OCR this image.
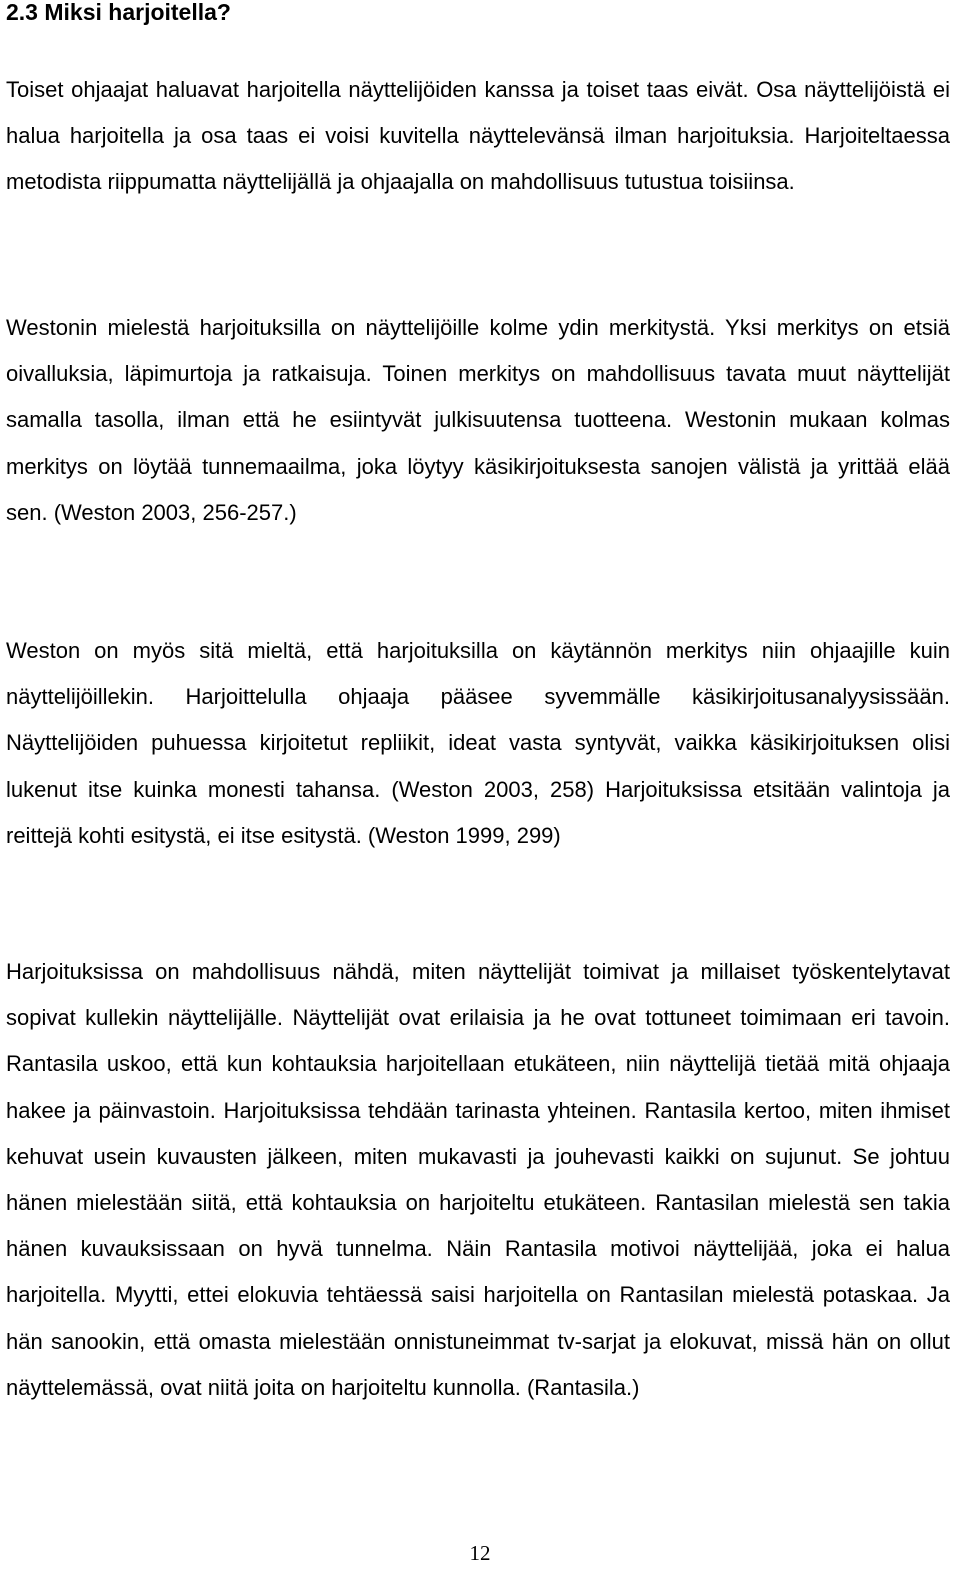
2.3 Miksi harjoitella?

Toiset ohjaajat haluavat harjoitella näyttelijöiden kanssa ja toiset taas eivät. Osa näyttelijöistä ei halua harjoitella ja osa taas ei voisi kuvitella näyttelevänsä ilman harjoituksia. Harjoiteltaessa metodista riippumatta näyttelijällä ja ohjaajalla on mahdollisuus tutustua toisiinsa.

Westonin mielestä harjoituksilla on näyttelijöille kolme ydin merkitystä. Yksi merkitys on etsiä oivalluksia, läpimurtoja ja ratkaisuja. Toinen merkitys on mahdollisuus tavata muut näyttelijät samalla tasolla, ilman että he esiintyvät julkisuutensa tuotteena. Westonin mukaan kolmas merkitys on löytää tunnemaailma, joka löytyy käsikirjoituksesta sanojen välistä ja yrittää elää sen. (Weston 2003, 256-257.)

Weston on myös sitä mieltä, että harjoituksilla on käytännön merkitys niin ohjaajille kuin näyttelijöillekin. Harjoittelulla ohjaaja pääsee syvemmälle käsikirjoitusanalyysissään. Näyttelijöiden puhuessa kirjoitetut repliikit, ideat vasta syntyvät, vaikka käsikirjoituksen olisi lukenut itse kuinka monesti tahansa. (Weston 2003, 258) Harjoituksissa etsitään valintoja ja reittejä kohti esitystä, ei itse esitystä. (Weston 1999, 299)

Harjoituksissa on mahdollisuus nähdä, miten näyttelijät toimivat ja millaiset työskentelytavat sopivat kullekin näyttelijälle. Näyttelijät ovat erilaisia ja he ovat tottuneet toimimaan eri tavoin. Rantasila uskoo, että kun kohtauksia harjoitellaan etukäteen, niin näyttelijä tietää mitä ohjaaja hakee ja päinvastoin. Harjoituksissa tehdään tarinasta yhteinen. Rantasila kertoo, miten ihmiset kehuvat usein kuvausten jälkeen, miten mukavasti ja jouhevasti kaikki on sujunut. Se johtuu hänen mielestään siitä, että kohtauksia on harjoiteltu etukäteen. Rantasilan mielestä sen takia hänen kuvauksissaan on hyvä tunnelma. Näin Rantasila motivoi näyttelijää, joka ei halua harjoitella. Myytti, ettei elokuvia tehtäessä saisi harjoitella on Rantasilan mielestä potaskaa. Ja hän sanookin, että omasta mielestään onnistuneimmat tv-sarjat ja elokuvat, missä hän on ollut näyttelemässä, ovat niitä joita on harjoiteltu kunnolla. (Rantasila.)

12
